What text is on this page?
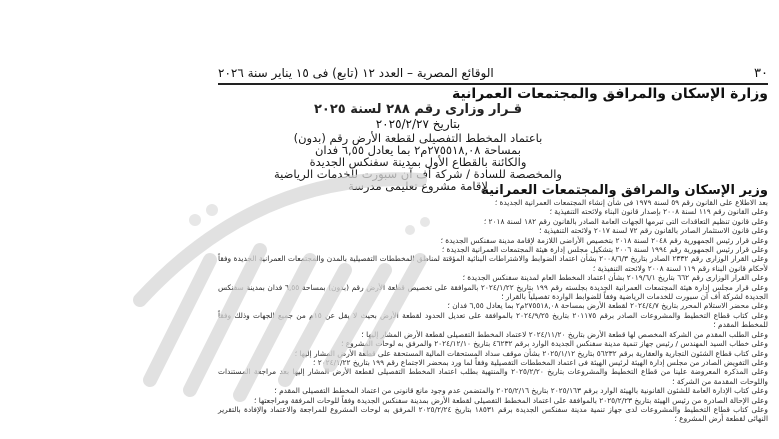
٣٠
الوقائع المصرية – العدد ١٢ (تابع) فى ١٥ يناير سنة ٢٠٢٦
وزارة الإسكان والمرافق والمجتمعات العمرانية
قـرار وزارى رقم ٢٨٨ لسنة ٢٠٢٥
بتاريخ ٢٠٢٥/٢/٢٧
باعتماد المخطط التفصيلى لقطعة الأرض رقم (بدون)
بمساحة ٢٧٥٥١٨,٠٨م٢ بما يعادل ٦,٥٥ فدان
والكائنة بالقطاع الأول بمدينة سفنكس الجديدة
والمخصصة للسادة / شركة أف آن سبورت للخدمات الرياضية
لإقامة مشروع تعليمى مدرسة
وزير الإسكان والمرافق والمجتمعات العمرانية

بعد الاطلاع على القانون رقم ٥٩ لسنة ١٩٧٩ فى شأن إنشاء المجتمعات العمرانية الجديدة ؛

وعلى القانون رقم ١١٩ لسنة ٢٠٠٨ بإصدار قانون البناء ولائحته التنفيذية ؛

وعلى قانون تنظيم التعاقدات التى تبرمها الجهات العامة الصادر بالقانون رقم ١٨٢ لسنة ٢٠١٨ ؛

وعلى قانون الاستثمار الصادر بالقانون رقم ٧٢ لسنة ٢٠١٧ ولائحته التنفيذية ؛

وعلى قرار رئيس الجمهورية رقم ٢٠٤٨ لسنة ٢٠١٨ بتخصيص الأراضى اللازمة لإقامة مدينة سفنكس الجديدة ؛

وعلى قرار رئيس الجمهورية رقم ١٩٩٤ لسنة ٢٠٠٦ بتشكيل مجلس إدارة هيئة المجتمعات العمرانية الجديدة ؛

وعلى القرار الوزارى رقم ٢٣٣٢ الصادر بتاريخ ٢٠٠٨/٦/٣ بشأن اعتماد الضوابط والاشتراطات البنائية المؤقتة لمناطق المخططات التفصيلية بالمدن والمجتمعات العمرانية الجديدة وفقاً لأحكام قانون البناء رقم ١١٩ لسنة ٢٠٠٨ ولائحته التنفيذية ؛

وعلى القرار الوزارى رقم ٦٦٢ بتاريخ ٢٠١٩/٦/١ بشأن اعتماد المخطط العام لمدينة سفنكس الجديدة ؛

وعلى قرار مجلس إدارة هيئة المجتمعات العمرانية الجديدة بجلسته رقم ١٩٩ بتاريخ ٢٠٢٤/١/٢٢ بالموافقة على تخصيص قطعة الأرض رقم (بدون) بمساحة ٦,٥٥ فدان بمدينة سفنكس الجديدة لشركة أف آن سبورت للخدمات الرياضية وفقاً للضوابط الواردة تفصيلياً بالقرار ؛

وعلى محضر الاستلام المحرر بتاريخ ٢٠٢٤/٤/٧ لقطعة الأرض بمساحة ٢٧٥٥١٨,٠٨م٢ بما يعادل ٦,٥٥ فدان ؛

وعلى كتاب قطاع التخطيط والمشروعات الصادر برقم ٢٠١١٧٥ بتاريخ ٢٠٢٤/٩/٢٥ بالموافقة على تعديل الحدود لقطعة الأرض بحيث لا يقل عن ١٥م من جميع الجهات وذلك وفقاً للمخطط المقدم ؛

وعلى الطلب المقدم من الشركة المخصص لها قطعة الأرض بتاريخ ٢٠٢٤/١١/٢٠ لاعتماد المخطط التفصيلى لقطعة الأرض المشار إليها ؛

وعلى خطاب السيد المهندس / رئيس جهاز تنمية مدينة سفنكس الجديدة الوارد برقم ٤٦٢٣٢ بتاريخ ٢٠٢٤/١٢/١٠ والمرفق به لوحات المشروع ؛

وعلى كتاب قطاع الشئون التجارية والعقارية برقم ٥٦٢٣٢ بتاريخ ٢٠٢٥/١/١٢ بشأن موقف سداد المستحقات المالية المستحقة على قطعة الأرض المشار إليها ؛

وعلى التفويض الصادر من مجلس إدارة الهيئة لرئيس الهيئة فى اعتماد المخططات التفصيلية وفقاً لما ورد بمحضر الاجتماع رقم ١٩٩ بتاريخ ٢٠٢٤/١/٢٢ ؛

وعلى المذكرة المعروضة علينا من قطاع التخطيط والمشروعات بتاريخ ٢٠٢٥/٢/٢٠ والمنتهية بطلب اعتماد المخطط التفصيلى لقطعة الأرض المشار إليها بعد مراجعة المستندات واللوحات المقدمة من الشركة ؛

وعلى كتاب الإدارة العامة للشئون القانونية بالهيئة الوارد برقم ٢٠٢٥/١٦٣ بتاريخ ٢٠٢٥/٢/١٦ والمتضمن عدم وجود مانع قانونى من اعتماد المخطط التفصيلى المقدم ؛

وعلى الإحالة الصادرة من رئيس الهيئة بتاريخ ٢٠٢٥/٢/٢٣ بالموافقة على اعتماد المخطط التفصيلى لقطعة الأرض بمدينة سفنكس الجديدة وفقاً للوحات المرفقة ومراجعتها ؛

وعلى كتاب قطاع التخطيط والمشروعات لدى جهاز تنمية مدينة سفنكس الجديدة برقم ١٨٥٣١ بتاريخ ٢٠٢٥/٢/٢٤ المرفق به لوحات المشروع للمراجعة والاعتماد والإفادة بالتقرير النهائى لقطعة أرض المشروع ؛
